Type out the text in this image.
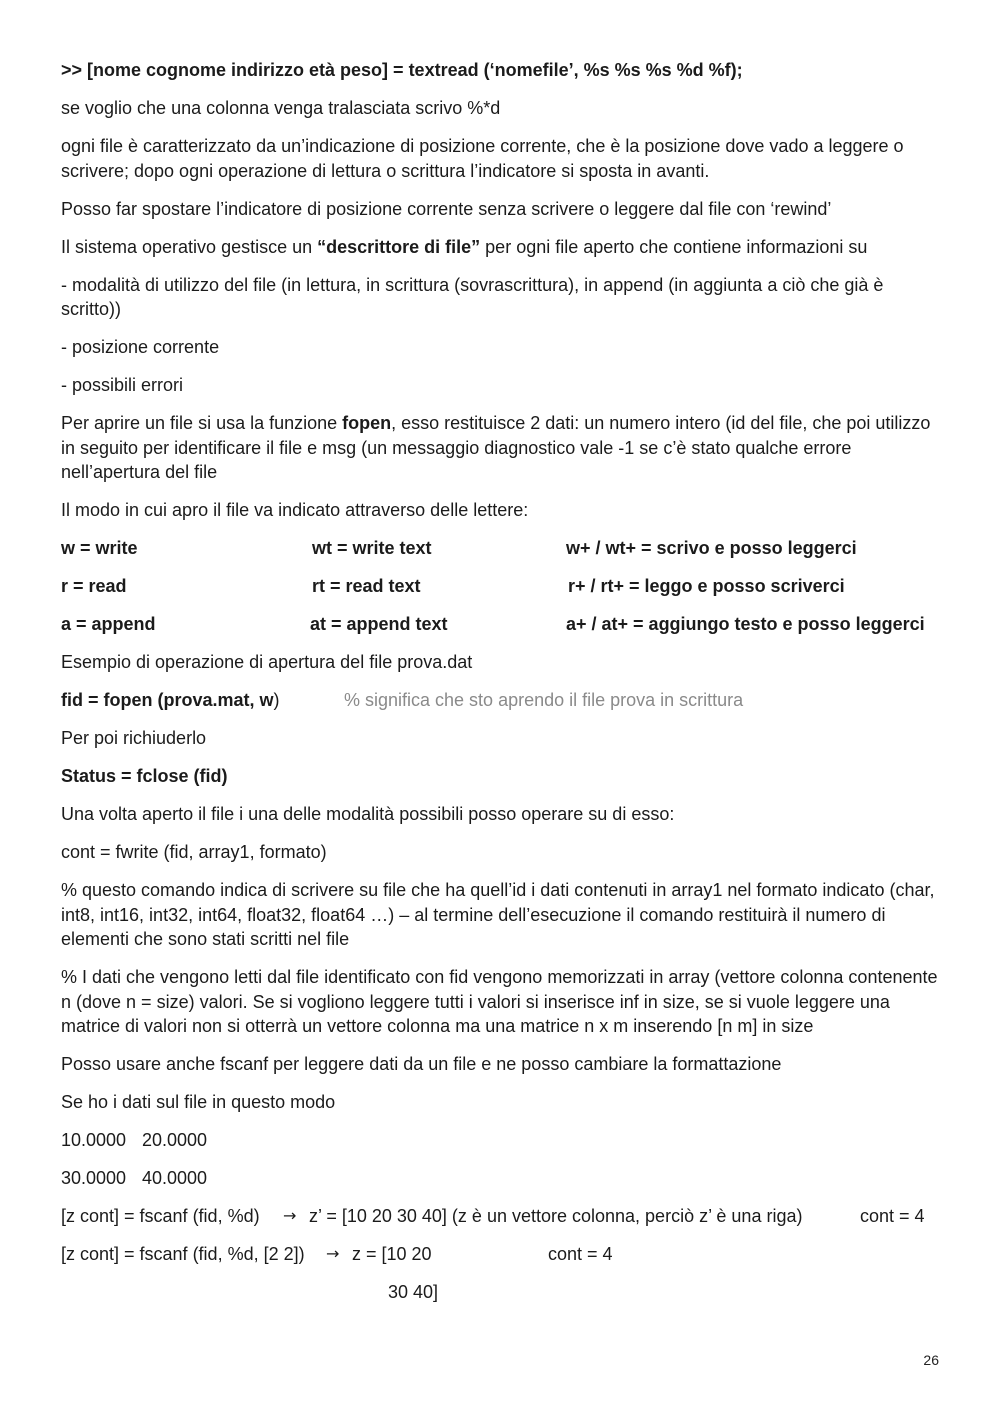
>> [nome cognome indirizzo età peso] = textread (‘nomefile’, %s %s %s %d %f);

se voglio che una colonna venga tralasciata scrivo %*d

ogni file è caratterizzato da un’indicazione di posizione corrente, che è la posizione dove vado a leggere o scrivere; dopo ogni operazione di lettura o scrittura l’indicatore si sposta in avanti.

Posso far spostare l’indicatore di posizione corrente senza scrivere o leggere dal file con ‘rewind’

Il sistema operativo gestisce un “descrittore di file” per ogni file aperto che contiene informazioni su

- modalità di utilizzo del file (in lettura, in scrittura (sovrascrittura), in append (in aggiunta a ciò che già è scritto))

- posizione corrente

- possibili errori

Per aprire un file si usa la funzione fopen, esso restituisce 2 dati: un numero intero (id del file, che poi utilizzo in seguito per identificare il file e msg (un messaggio diagnostico vale -1 se c’è stato qualche errore nell’apertura del file

Il modo in cui apro il file va indicato attraverso delle lettere:

w = write	wt = write text	w+ / wt+ = scrivo e posso leggerci
r = read	rt = read text	r+ / rt+ = leggo e posso scriverci
a = append	at = append text	a+ / at+ = aggiungo testo e posso leggerci

Esempio di operazione di apertura del file prova.dat

fid = fopen (prova.mat, w)	% significa che sto aprendo il file prova in scrittura

Per poi richiuderlo

Status = fclose (fid)

Una volta aperto il file i una delle modalità possibili posso operare su di esso:

cont = fwrite (fid, array1, formato)

% questo comando indica di scrivere su file che ha quell’id i dati contenuti in array1 nel formato indicato (char, int8, int16, int32, int64, float32, float64 …) – al termine dell’esecuzione il comando restituirà il numero di elementi che sono stati scritti nel file

% I dati che vengono letti dal file identificato con fid vengono memorizzati in array (vettore colonna contenente n (dove n = size) valori. Se si vogliono leggere tutti i valori si inserisce inf in size, se si vuole leggere una matrice di valori non si otterrà un vettore colonna ma una matrice n x m inserendo [n m] in size

Posso usare anche fscanf per leggere dati da un file e ne posso cambiare la formattazione

Se ho i dati sul file in questo modo

10.0000 20.0000
30.0000 40.0000
[z cont] = fscanf (fid, %d) → z’ = [10 20 30 40] (z è un vettore colonna, perciò z’ è una riga)	cont = 4
[z cont] = fscanf (fid, %d, [2 2]) → z = [10 20	cont = 4
30 40]
26
